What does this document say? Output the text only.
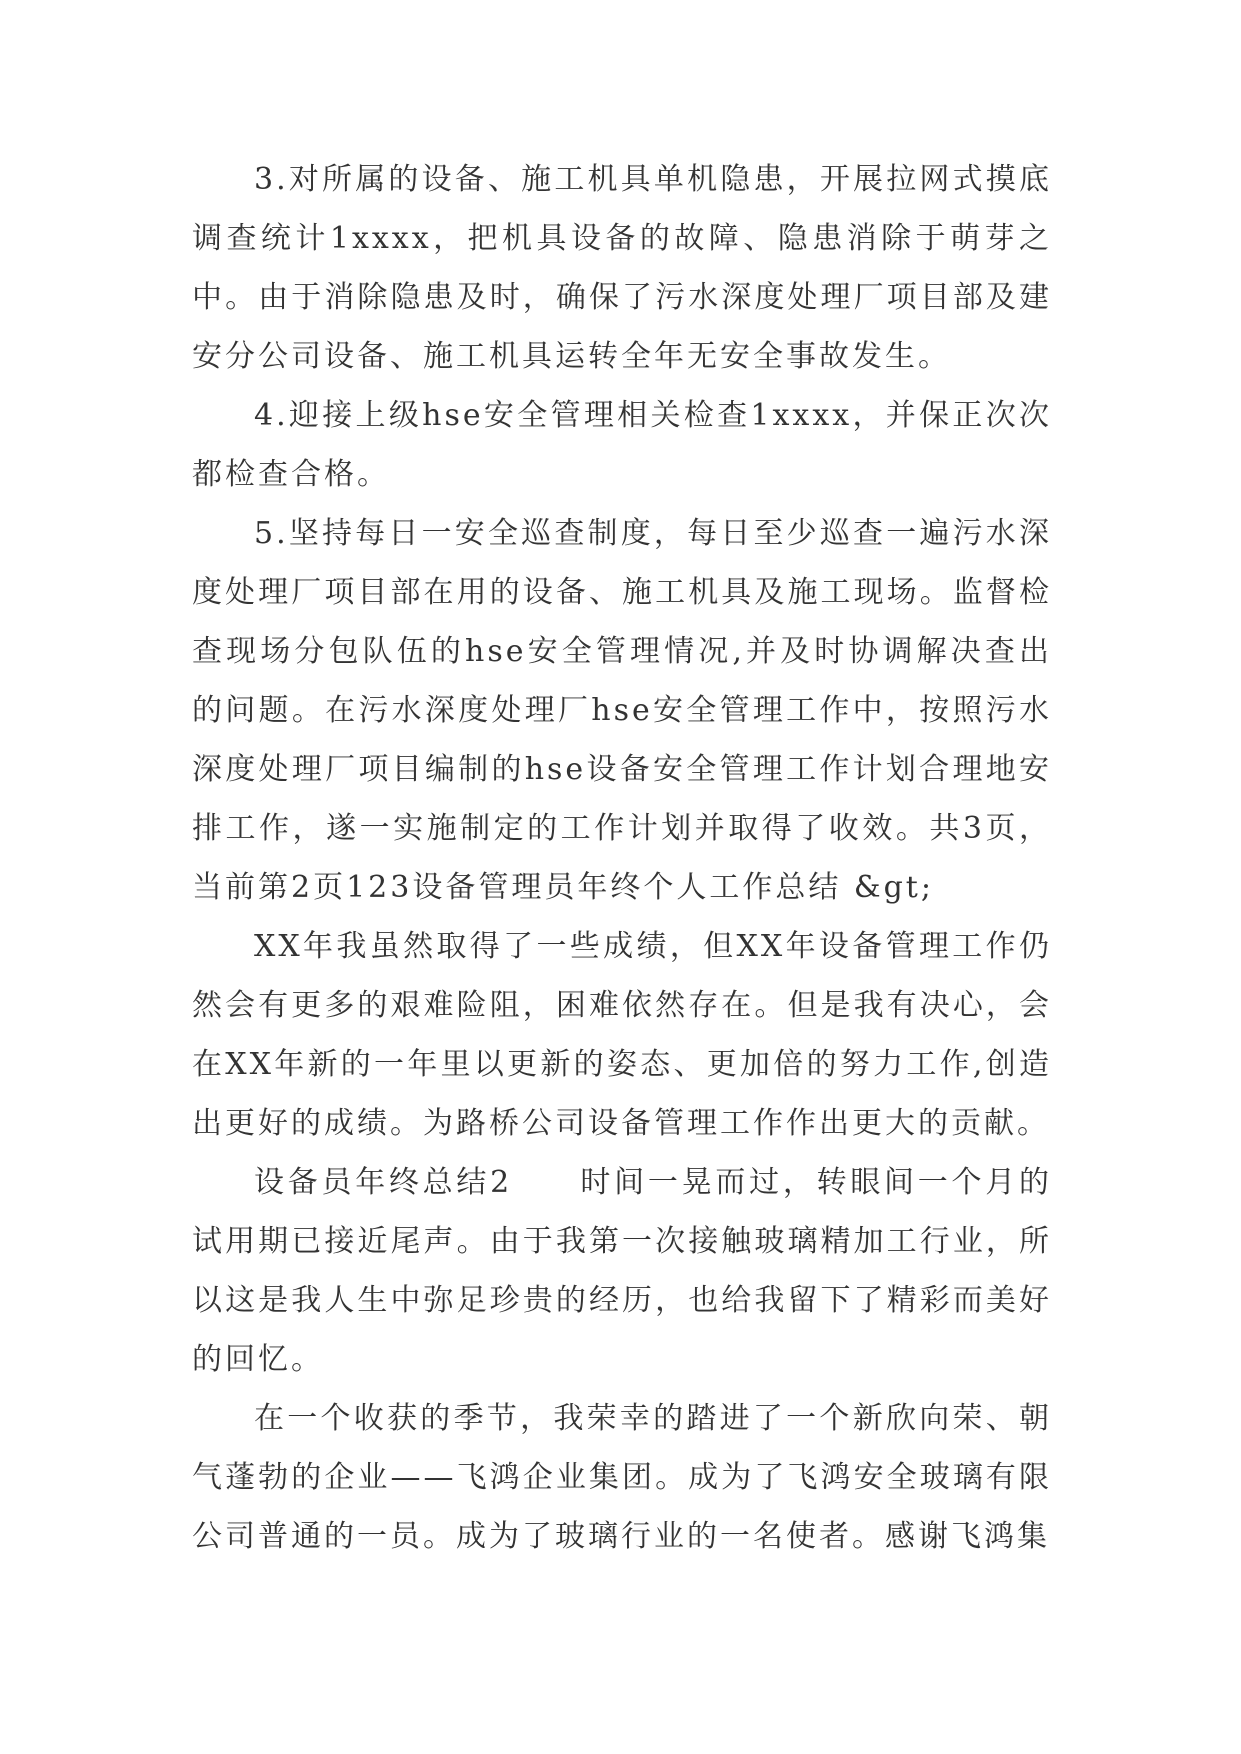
3.对所属的设备、施工机具单机隐患，开展拉网式摸底调查统计1xxxx，把机具设备的故障、隐患消除于萌芽之中。由于消除隐患及时，确保了污水深度处理厂项目部及建安分公司设备、施工机具运转全年无安全事故发生。

4.迎接上级hse安全管理相关检查1xxxx，并保正次次都检查合格。

5.坚持每日一安全巡查制度，每日至少巡查一遍污水深度处理厂项目部在用的设备、施工机具及施工现场。监督检查现场分包队伍的hse安全管理情况,并及时协调解决查出的问题。在污水深度处理厂hse安全管理工作中，按照污水深度处理厂项目编制的hse设备安全管理工作计划合理地安排工作，遂一实施制定的工作计划并取得了收效。共3页，当前第2页123设备管理员年终个人工作总结 &gt;

XX年我虽然取得了一些成绩，但XX年设备管理工作仍然会有更多的艰难险阻，困难依然存在。但是我有决心，会在XX年新的一年里以更新的姿态、更加倍的努力工作,创造出更好的成绩。为路桥公司设备管理工作作出更大的贡献。

设备员年终总结2　　时间一晃而过，转眼间一个月的试用期已接近尾声。由于我第一次接触玻璃精加工行业，所以这是我人生中弥足珍贵的经历，也给我留下了精彩而美好的回忆。

在一个收获的季节，我荣幸的踏进了一个新欣向荣、朝气蓬勃的企业——飞鸿企业集团。成为了飞鸿安全玻璃有限公司普通的一员。成为了玻璃行业的一名使者。感谢飞鸿集
